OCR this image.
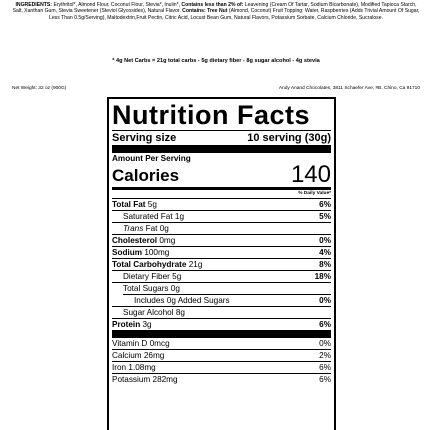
INGREDIENTS: Erythritol*, Almond Flour, Coconut Flour, Stevia*, Inulin*, Contains less than 2% of: Leavening (Cream Of Tartar, Sodium Bicarbonate), Modified Tapioca Starch, Salt, Xanthan Gum, Stevia Sweetener (Steviol Glycosides), Natural Flavor. Contains: Tree Nut (Almond, Coconut) Fruit Topping: Water, Raspberries (Adds Trivial Amount Of Sugar, Less Than 0.5g/Serving), Maltodextrin,Fruit Pectin, Citric Acid, Locust Bean Gum, Natural Flavors, Potassium Sorbate, Calcium Chloride, Sucralose.
* 4g Net Carbs = 21g total carbs - 5g dietary fiber - 8g sugar alcohol - 4g stevia
Net Weight: 32 oz (900G)	Andy Anand Chocolates, 3811 Schaefer Ave, #B, Chino, Ca 91710
Nutrition Facts
Serving size	10 serving (30g)
Amount Per Serving
Calories	140
% Daily Value*
Total Fat 5g	6%
Saturated Fat 1g	5%
Trans Fat 0g
Cholesterol 0mg	0%
Sodium 100mg	4%
Total Carbohydrate 21g	8%
Dietary Fiber 5g	18%
Total Sugars 0g
Includes 0g Added Sugars	0%
Sugar Alcohol 8g
Protein 3g	6%
Vitamin D 0mcg	0%
Calcium 26mg	2%
Iron 1.08mg	6%
Potassium 282mg	6%
